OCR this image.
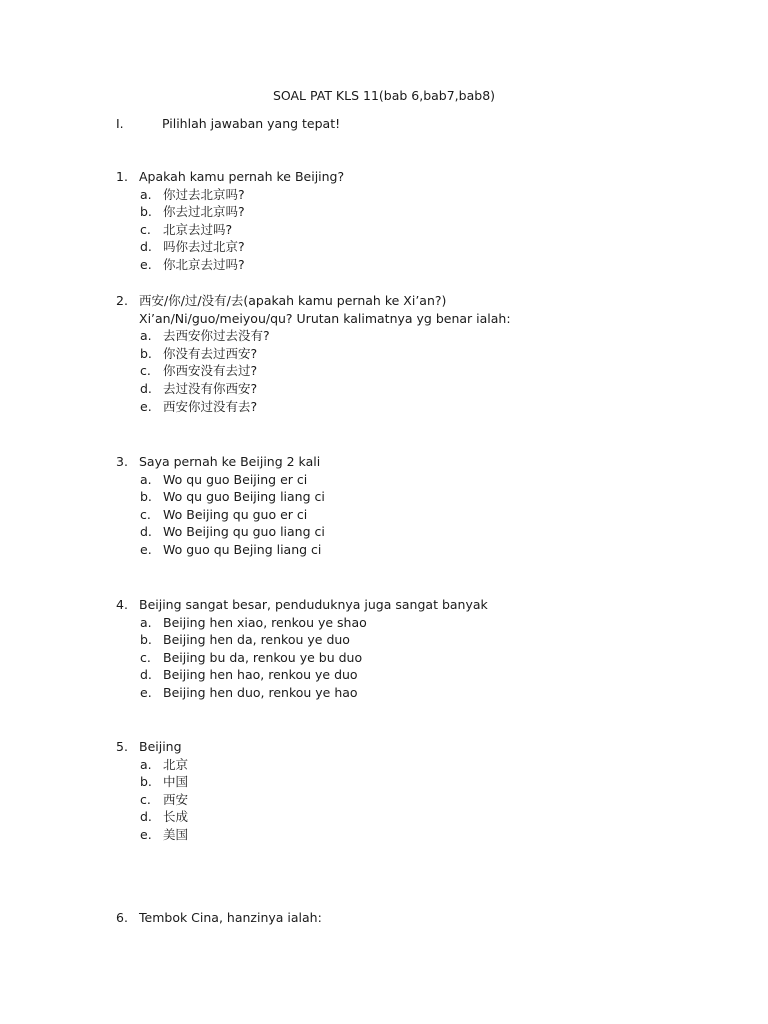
SOAL PAT KLS 11(bab 6,bab7,bab8)
I.	Pilihlah jawaban yang tepat!
1. Apakah kamu pernah ke Beijing?
a. 你过去北京吗?
b. 你去过北京吗?
c. 北京去过吗?
d. 吗你去过北京?
e. 你北京去过吗?
2. 西安/你/过/没有/去(apakah kamu pernah ke Xi’an?)
Xi’an/Ni/guo/meiyou/qu? Urutan kalimatnya yg benar ialah:
a. 去西安你过去没有?
b. 你没有去过西安?
c. 你西安没有去过?
d. 去过没有你西安?
e. 西安你过没有去?
3. Saya pernah ke Beijing 2 kali
a. Wo qu guo Beijing er ci
b. Wo qu guo Beijing liang ci
c. Wo Beijing qu guo er ci
d. Wo Beijing qu guo liang ci
e. Wo guo qu Bejing liang ci
4. Beijing sangat besar, penduduknya juga sangat banyak
a. Beijing hen xiao, renkou ye shao
b. Beijing hen da, renkou ye duo
c. Beijing bu da, renkou ye bu duo
d. Beijing hen hao, renkou ye duo
e. Beijing hen duo, renkou ye hao
5. Beijing
a. 北京
b. 中国
c. 西安
d. 长成
e. 美国
6. Tembok Cina, hanzinya ialah:
